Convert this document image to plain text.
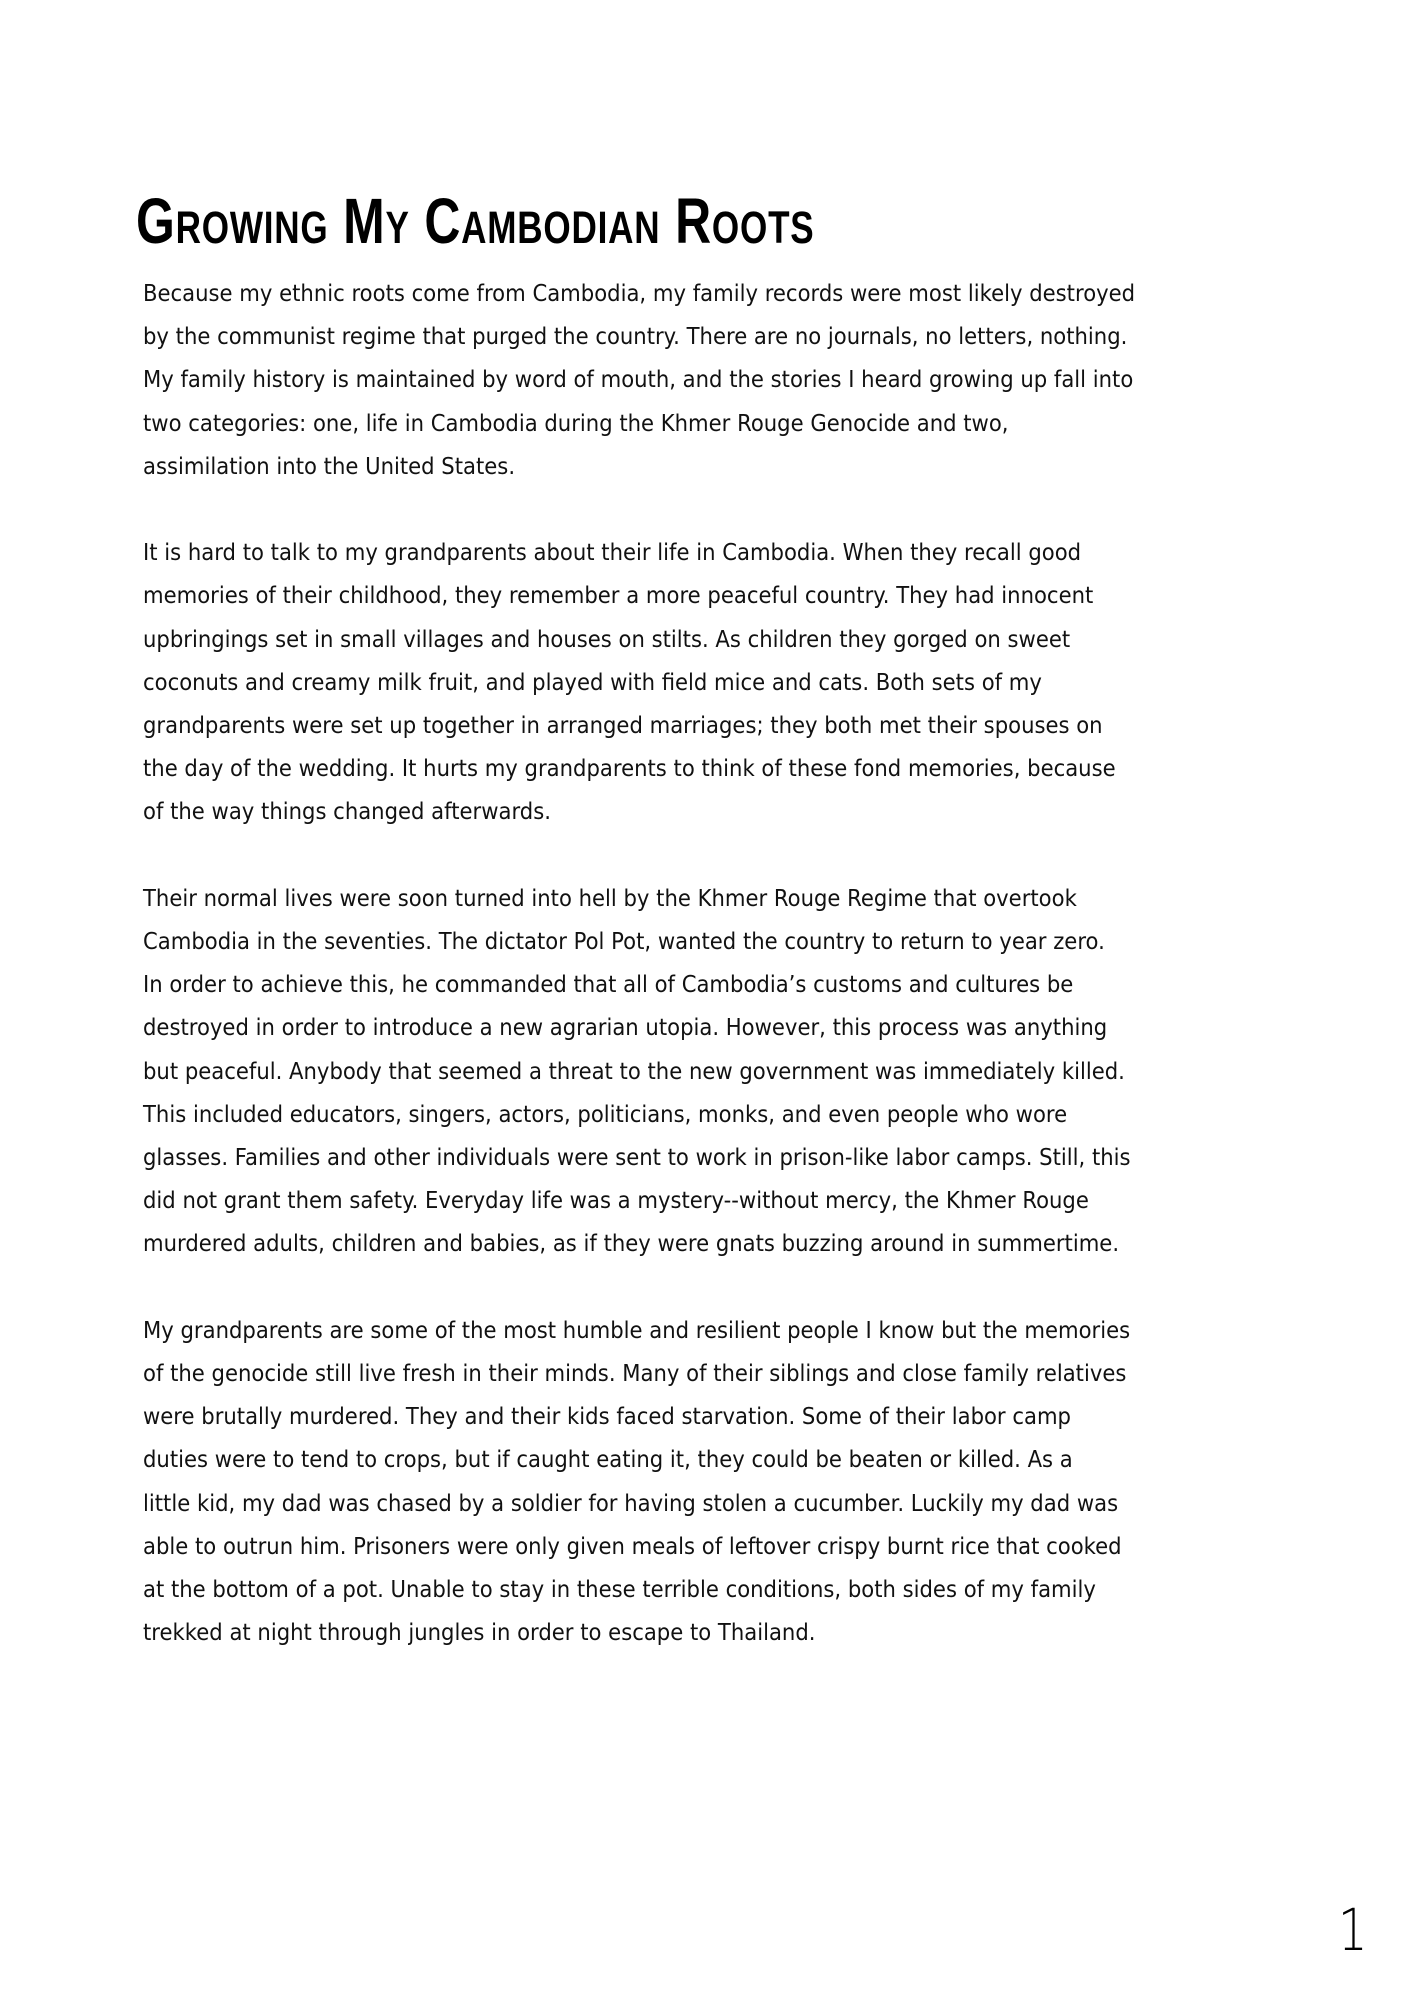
Growing My Cambodian Roots

Because my ethnic roots come from Cambodia, my family records were most likely destroyed
by the communist regime that purged the country. There are no journals, no letters, nothing.
My family history is maintained by word of mouth, and the stories I heard growing up fall into
two categories: one, life in Cambodia during the Khmer Rouge Genocide and two,
assimilation into the United States.

It is hard to talk to my grandparents about their life in Cambodia. When they recall good
memories of their childhood, they remember a more peaceful country. They had innocent
upbringings set in small villages and houses on stilts. As children they gorged on sweet
coconuts and creamy milk fruit, and played with field mice and cats. Both sets of my
grandparents were set up together in arranged marriages; they both met their spouses on
the day of the wedding. It hurts my grandparents to think of these fond memories, because
of the way things changed afterwards.

Their normal lives were soon turned into hell by the Khmer Rouge Regime that overtook
Cambodia in the seventies. The dictator Pol Pot, wanted the country to return to year zero.
In order to achieve this, he commanded that all of Cambodia’s customs and cultures be
destroyed in order to introduce a new agrarian utopia. However, this process was anything
but peaceful. Anybody that seemed a threat to the new government was immediately killed.
This included educators, singers, actors, politicians, monks, and even people who wore
glasses. Families and other individuals were sent to work in prison-like labor camps. Still, this
did not grant them safety. Everyday life was a mystery--without mercy, the Khmer Rouge
murdered adults, children and babies, as if they were gnats buzzing around in summertime.

My grandparents are some of the most humble and resilient people I know but the memories
of the genocide still live fresh in their minds. Many of their siblings and close family relatives
were brutally murdered. They and their kids faced starvation. Some of their labor camp
duties were to tend to crops, but if caught eating it, they could be beaten or killed. As a
little kid, my dad was chased by a soldier for having stolen a cucumber. Luckily my dad was
able to outrun him. Prisoners were only given meals of leftover crispy burnt rice that cooked
at the bottom of a pot. Unable to stay in these terrible conditions, both sides of my family
trekked at night through jungles in order to escape to Thailand.

1
